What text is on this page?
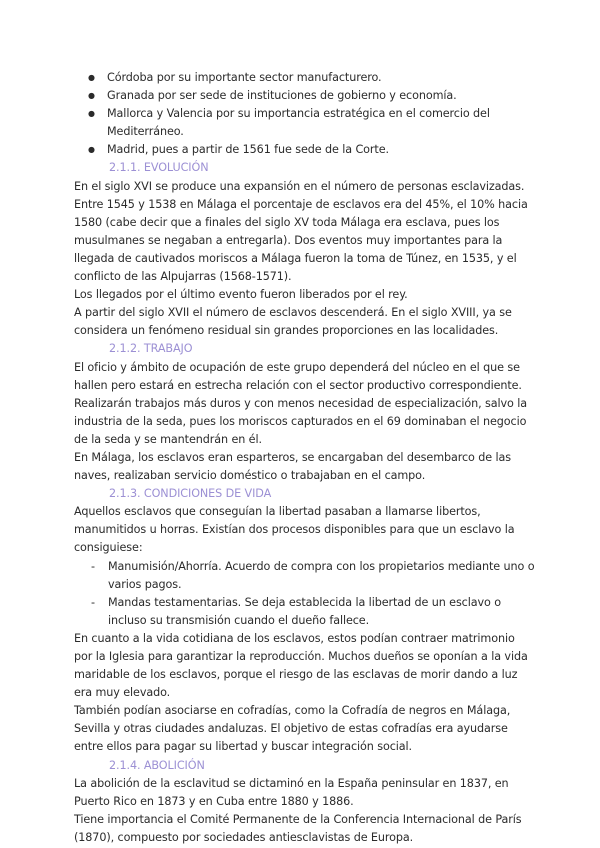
● Córdoba por su importante sector manufacturero.
● Granada por ser sede de instituciones de gobierno y economía.
● Mallorca y Valencia por su importancia estratégica en el comercio del Mediterráneo.
● Madrid, pues a partir de 1561 fue sede de la Corte.
2.1.1. EVOLUCIÓN

En el siglo XVI se produce una expansión en el número de personas esclavizadas. Entre 1545 y 1538 en Málaga el porcentaje de esclavos era del 45%, el 10% hacia 1580 (cabe decir que a finales del siglo XV toda Málaga era esclava, pues los musulmanes se negaban a entregarla). Dos eventos muy importantes para la llegada de cautivados moriscos a Málaga fueron la toma de Túnez, en 1535, y el conflicto de las Alpujarras (1568-1571).

Los llegados por el último evento fueron liberados por el rey.

A partir del siglo XVII el número de esclavos descenderá. En el siglo XVIII, ya se considera un fenómeno residual sin grandes proporciones en las localidades.

2.1.2. TRABAJO

El oficio y ámbito de ocupación de este grupo dependerá del núcleo en el que se hallen pero estará en estrecha relación con el sector productivo correspondiente. Realizarán trabajos más duros y con menos necesidad de especialización, salvo la industria de la seda, pues los moriscos capturados en el 69 dominaban el negocio de la seda y se mantendrán en él.

En Málaga, los esclavos eran esparteros, se encargaban del desembarco de las naves, realizaban servicio doméstico o trabajaban en el campo.

2.1.3. CONDICIONES DE VIDA

Aquellos esclavos que conseguían la libertad pasaban a llamarse libertos, manumitidos u horras. Existían dos procesos disponibles para que un esclavo la consiguiese:

- Manumisión/Ahorría. Acuerdo de compra con los propietarios mediante uno o varios pagos.
- Mandas testamentarias. Se deja establecida la libertad de un esclavo o incluso su transmisión cuando el dueño fallece.

En cuanto a la vida cotidiana de los esclavos, estos podían contraer matrimonio por la Iglesia para garantizar la reproducción. Muchos dueños se oponían a la vida maridable de los esclavos, porque el riesgo de las esclavas de morir dando a luz era muy elevado.

También podían asociarse en cofradías, como la Cofradía de negros en Málaga, Sevilla y otras ciudades andaluzas. El objetivo de estas cofradías era ayudarse entre ellos para pagar su libertad y buscar integración social.

2.1.4. ABOLICIÓN

La abolición de la esclavitud se dictaminó en la España peninsular en 1837, en Puerto Rico en 1873 y en Cuba entre 1880 y 1886.

Tiene importancia el Comité Permanente de la Conferencia Internacional de París (1870), compuesto por sociedades antiesclavistas de Europa.
